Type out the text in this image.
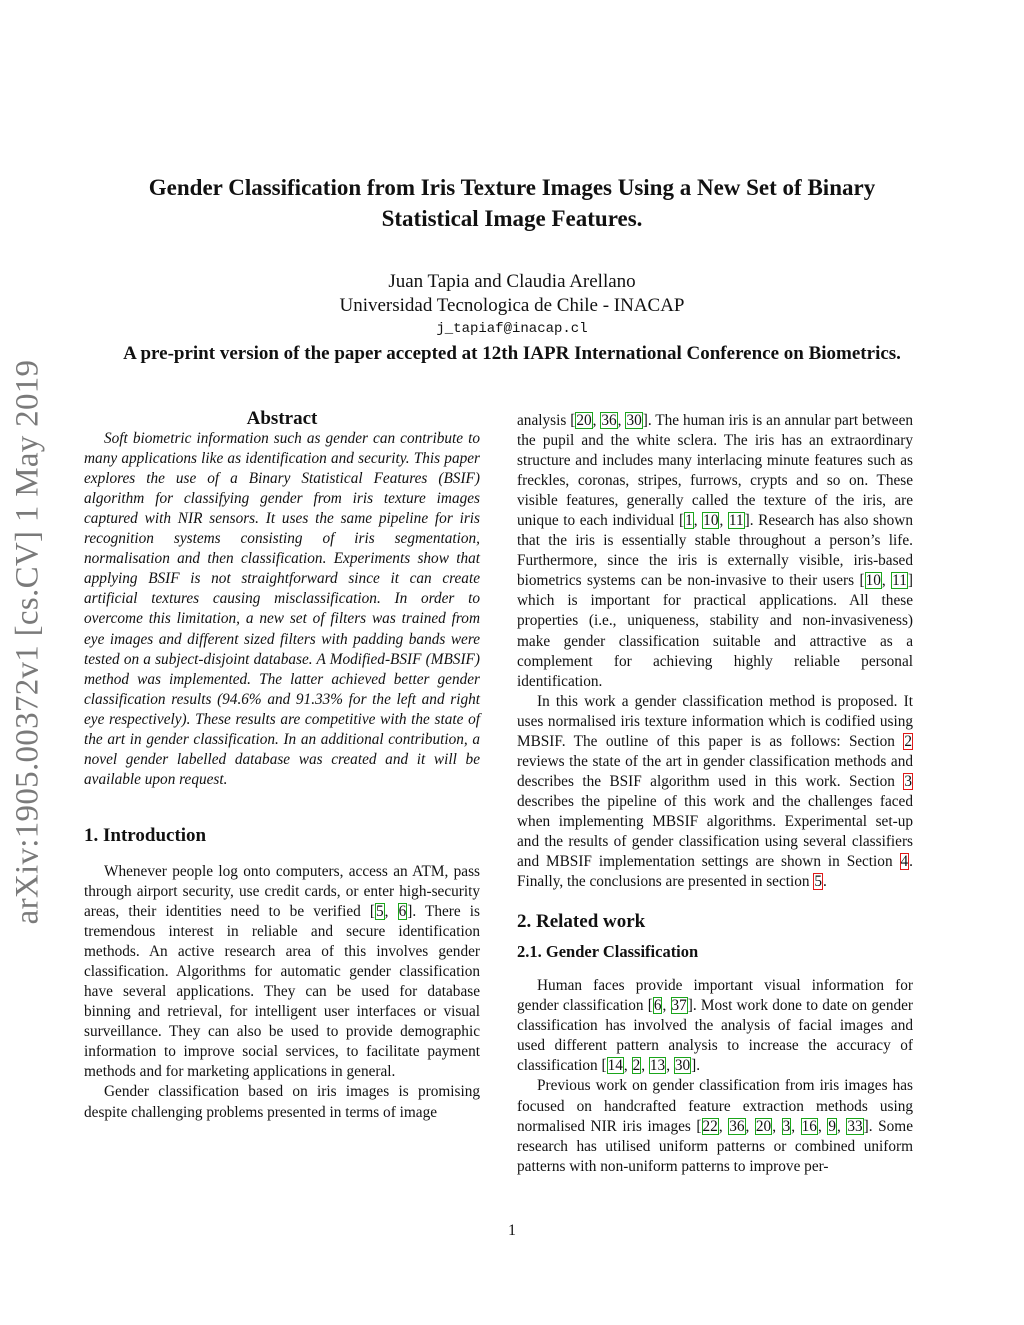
arXiv:1905.00372v1 [cs.CV] 1 May 2019
Gender Classification from Iris Texture Images Using a New Set of Binary
Statistical Image Features.
Juan Tapia and Claudia Arellano
Universidad Tecnologica de Chile - INACAP
j_tapiaf@inacap.cl
A pre-print version of the paper accepted at 12th IAPR International Conference on Biometrics.

Abstract

Soft biometric information such as gender can contribute to many applications like as identification and security. This paper explores the use of a Binary Statistical Features (BSIF) algorithm for classifying gender from iris texture images captured with NIR sensors. It uses the same pipeline for iris recognition systems consisting of iris segmentation, normalisation and then classification. Experiments show that applying BSIF is not straightforward since it can create artificial textures causing misclassification. In order to overcome this limitation, a new set of filters was trained from eye images and different sized filters with padding bands were tested on a subject-disjoint database. A Modified-BSIF (MBSIF) method was implemented. The latter achieved better gender classification results (94.6% and 91.33% for the left and right eye respectively). These results are competitive with the state of the art in gender classification. In an additional contribution, a novel gender labelled database was created and it will be available upon request.

1. Introduction

Whenever people log onto computers, access an ATM, pass through airport security, use credit cards, or enter high-security areas, their identities need to be verified [5, 6]. There is tremendous interest in reliable and secure identification methods. An active research area of this involves gender classification. Algorithms for automatic gender classification have several applications. They can be used for database binning and retrieval, for intelligent user interfaces or visual surveillance. They can also be used to provide demographic information to improve social services, to facilitate payment methods and for marketing applications in general.

Gender classification based on iris images is promising despite challenging problems presented in terms of image

analysis [20, 36, 30]. The human iris is an annular part between the pupil and the white sclera. The iris has an extraordinary structure and includes many interlacing minute features such as freckles, coronas, stripes, furrows, crypts and so on. These visible features, generally called the texture of the iris, are unique to each individual [1, 10, 11]. Research has also shown that the iris is essentially stable throughout a person’s life. Furthermore, since the iris is externally visible, iris-based biometrics systems can be non-invasive to their users [10, 11] which is important for practical applications. All these properties (i.e., uniqueness, stability and non-invasiveness) make gender classification suitable and attractive as a complement for achieving highly reliable personal identification.

In this work a gender classification method is proposed. It uses normalised iris texture information which is codified using MBSIF. The outline of this paper is as follows: Section 2 reviews the state of the art in gender classification methods and describes the BSIF algorithm used in this work. Section 3 describes the pipeline of this work and the challenges faced when implementing MBSIF algorithms. Experimental set-up and the results of gender classification using several classifiers and MBSIF implementation settings are shown in Section 4. Finally, the conclusions are presented in section 5.

2. Related work
2.1. Gender Classification

Human faces provide important visual information for gender classification [6, 37]. Most work done to date on gender classification has involved the analysis of facial images and used different pattern analysis to increase the accuracy of classification [14, 2, 13, 30].

Previous work on gender classification from iris images has focused on handcrafted feature extraction methods using normalised NIR iris images [22, 36, 20, 3, 16, 9, 33]. Some research has utilised uniform patterns or combined uniform patterns with non-uniform patterns to improve per-

1
